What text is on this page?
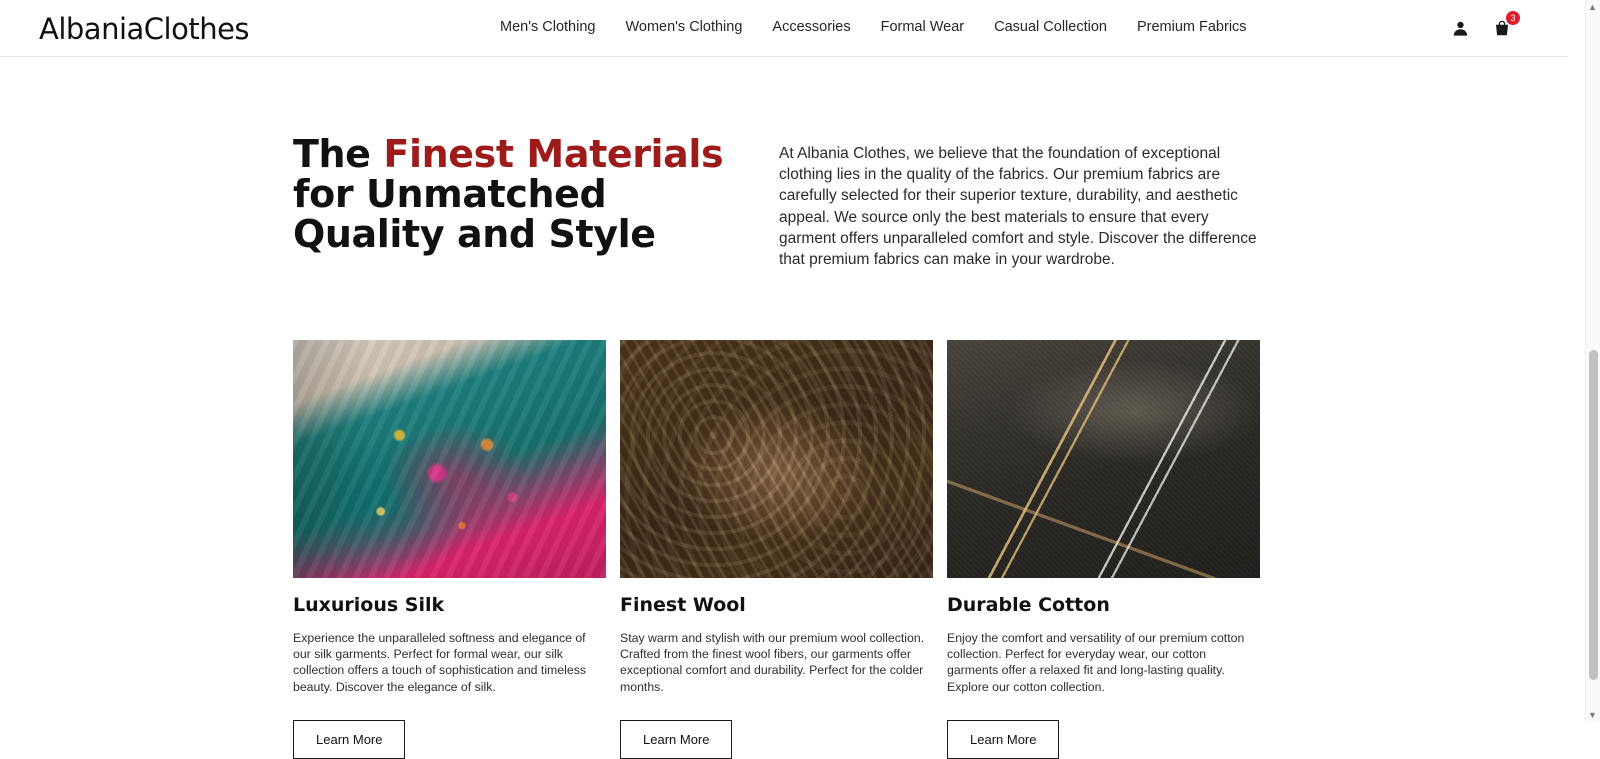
AlbaniaClothes	Men's Clothing Women's Clothing Accessories Formal Wear Casual Collection Premium Fabrics
3
The Finest Materials for Unmatched Quality and Style

At Albania Clothes, we believe that the foundation of exceptional clothing lies in the quality of the fabrics. Our premium fabrics are carefully selected for their superior texture, durability, and aesthetic appeal. We source only the best materials to ensure that every garment offers unparalleled comfort and style. Discover the difference that premium fabrics can make in your wardrobe.

Luxurious Silk
Experience the unparalleled softness and elegance of our silk garments. Perfect for formal wear, our silk collection offers a touch of sophistication and timeless beauty. Discover the elegance of silk.
Learn More
Finest Wool
Stay warm and stylish with our premium wool collection. Crafted from the finest wool fibers, our garments offer exceptional comfort and durability. Perfect for the colder months.
Learn More
Durable Cotton
Enjoy the comfort and versatility of our premium cotton collection. Perfect for everyday wear, our cotton garments offer a relaxed fit and long-lasting quality. Explore our cotton collection.
Learn More
▲
▼
